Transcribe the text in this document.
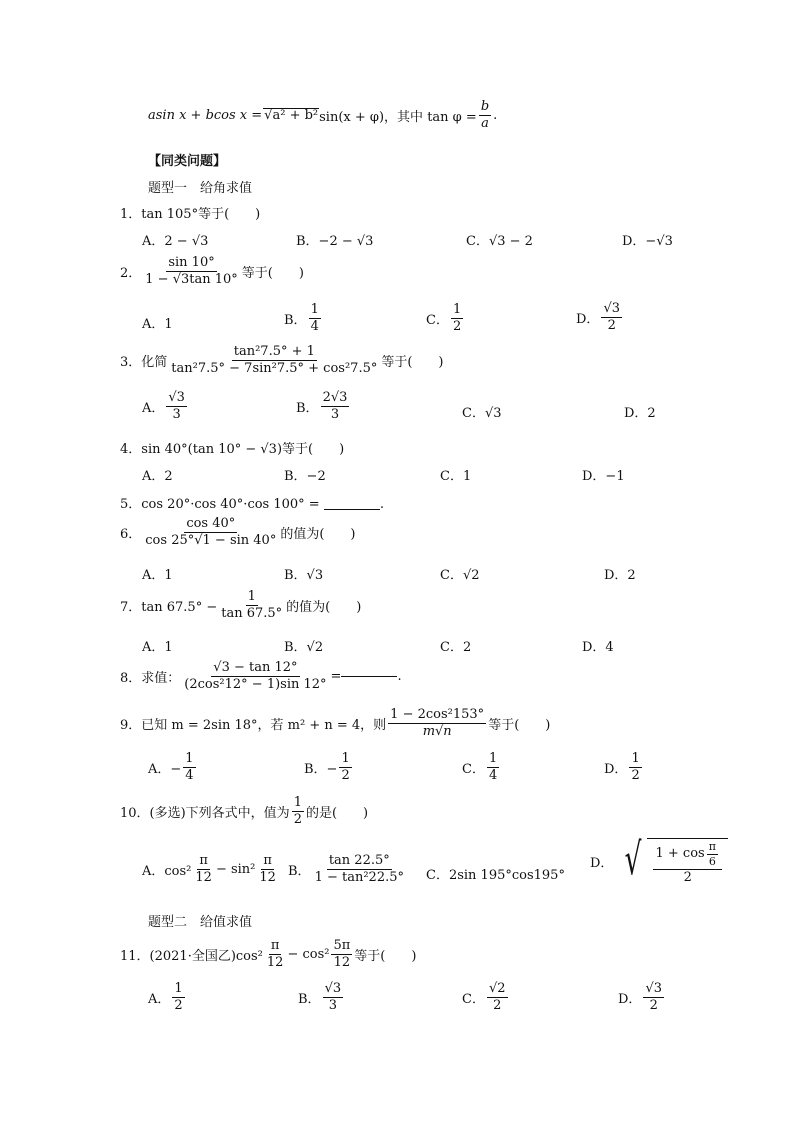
asin x + bcos x =
√ a² + b² sin(x + φ)，其中 $\tan \varphi = \frac{b}{a}$ .
【同类问题】
题型一　给角求值
1．tan 105°等于(　　)
A．2 − √3	B．−2 − √3	C．√3 − 2	D．−√3
2． $\frac{\sin 10^\circ}{1 - √3\tan 10^\circ}$ 等于(　　)
A．1	B． $\frac{1}{4}$	C． $\frac{1}{2}$	D． $\frac{√3}{2}$
3．化简 $\frac{\text{tan²7.5° + 1}}{\text{tan²7.5° − 7sin²7.5° + cos²7.5°}}$ 等于(　　)
A． $\frac{√3}{3}$	B． $\frac{2√3}{3}$	C．√3	D．2
4．sin 40°(tan 10° − √3)等于(　　)
A．2	B．−2	C．1	D．−1
5．cos 20°·cos 40°·cos 100° =	.
6． $\frac{\cos 40^\circ}{\cos 25^\circ√1 - \sin 40^\circ}$ 的值为(　　)
A．1	B．√3	C．√2	D．2
7．$\tan 67.5^\circ - \frac{1}{\tan 67.5^\circ}$ 的值为(　　)
A．1	B．√2	C．2	D．4
8．求值： $\frac{√3 - \tan 12^\circ}{\text{(2cos²12° − 1)sin 12°}}$ =	.
9．已知 m = 2sin 18°，若 m² + n = 4，则 $\frac{\text{1 − 2cos²153°}}{m√n}$ 等于(　　)
A．− $\frac{1}{4}$	B．− $\frac{1}{2}$	C． $\frac{1}{4}$	D． $\frac{1}{2}$
10．(多选)下列各式中，值为 $\frac{1}{2}$ 的是(　　)
A．$\cos^2 \frac{\pi}{12} - \sin^2 \frac{\pi}{12}$ B． $\frac{\tan 22.5^\circ}{\text{1 − tan²22.5°}}$ C．2sin 195°cos195°
D． √ $\frac{1 + \cos \frac{\pi}{6}}{2}$
题型二　给值求值
11．(2021·全国乙)$\cos^2 \frac{\pi}{12} - \cos^2 \frac{5\pi}{12}$ 等于(　　)
A． $\frac{1}{2}$	B． $\frac{√3}{3}$	C． $\frac{√2}{2}$	D． $\frac{√3}{2}$
